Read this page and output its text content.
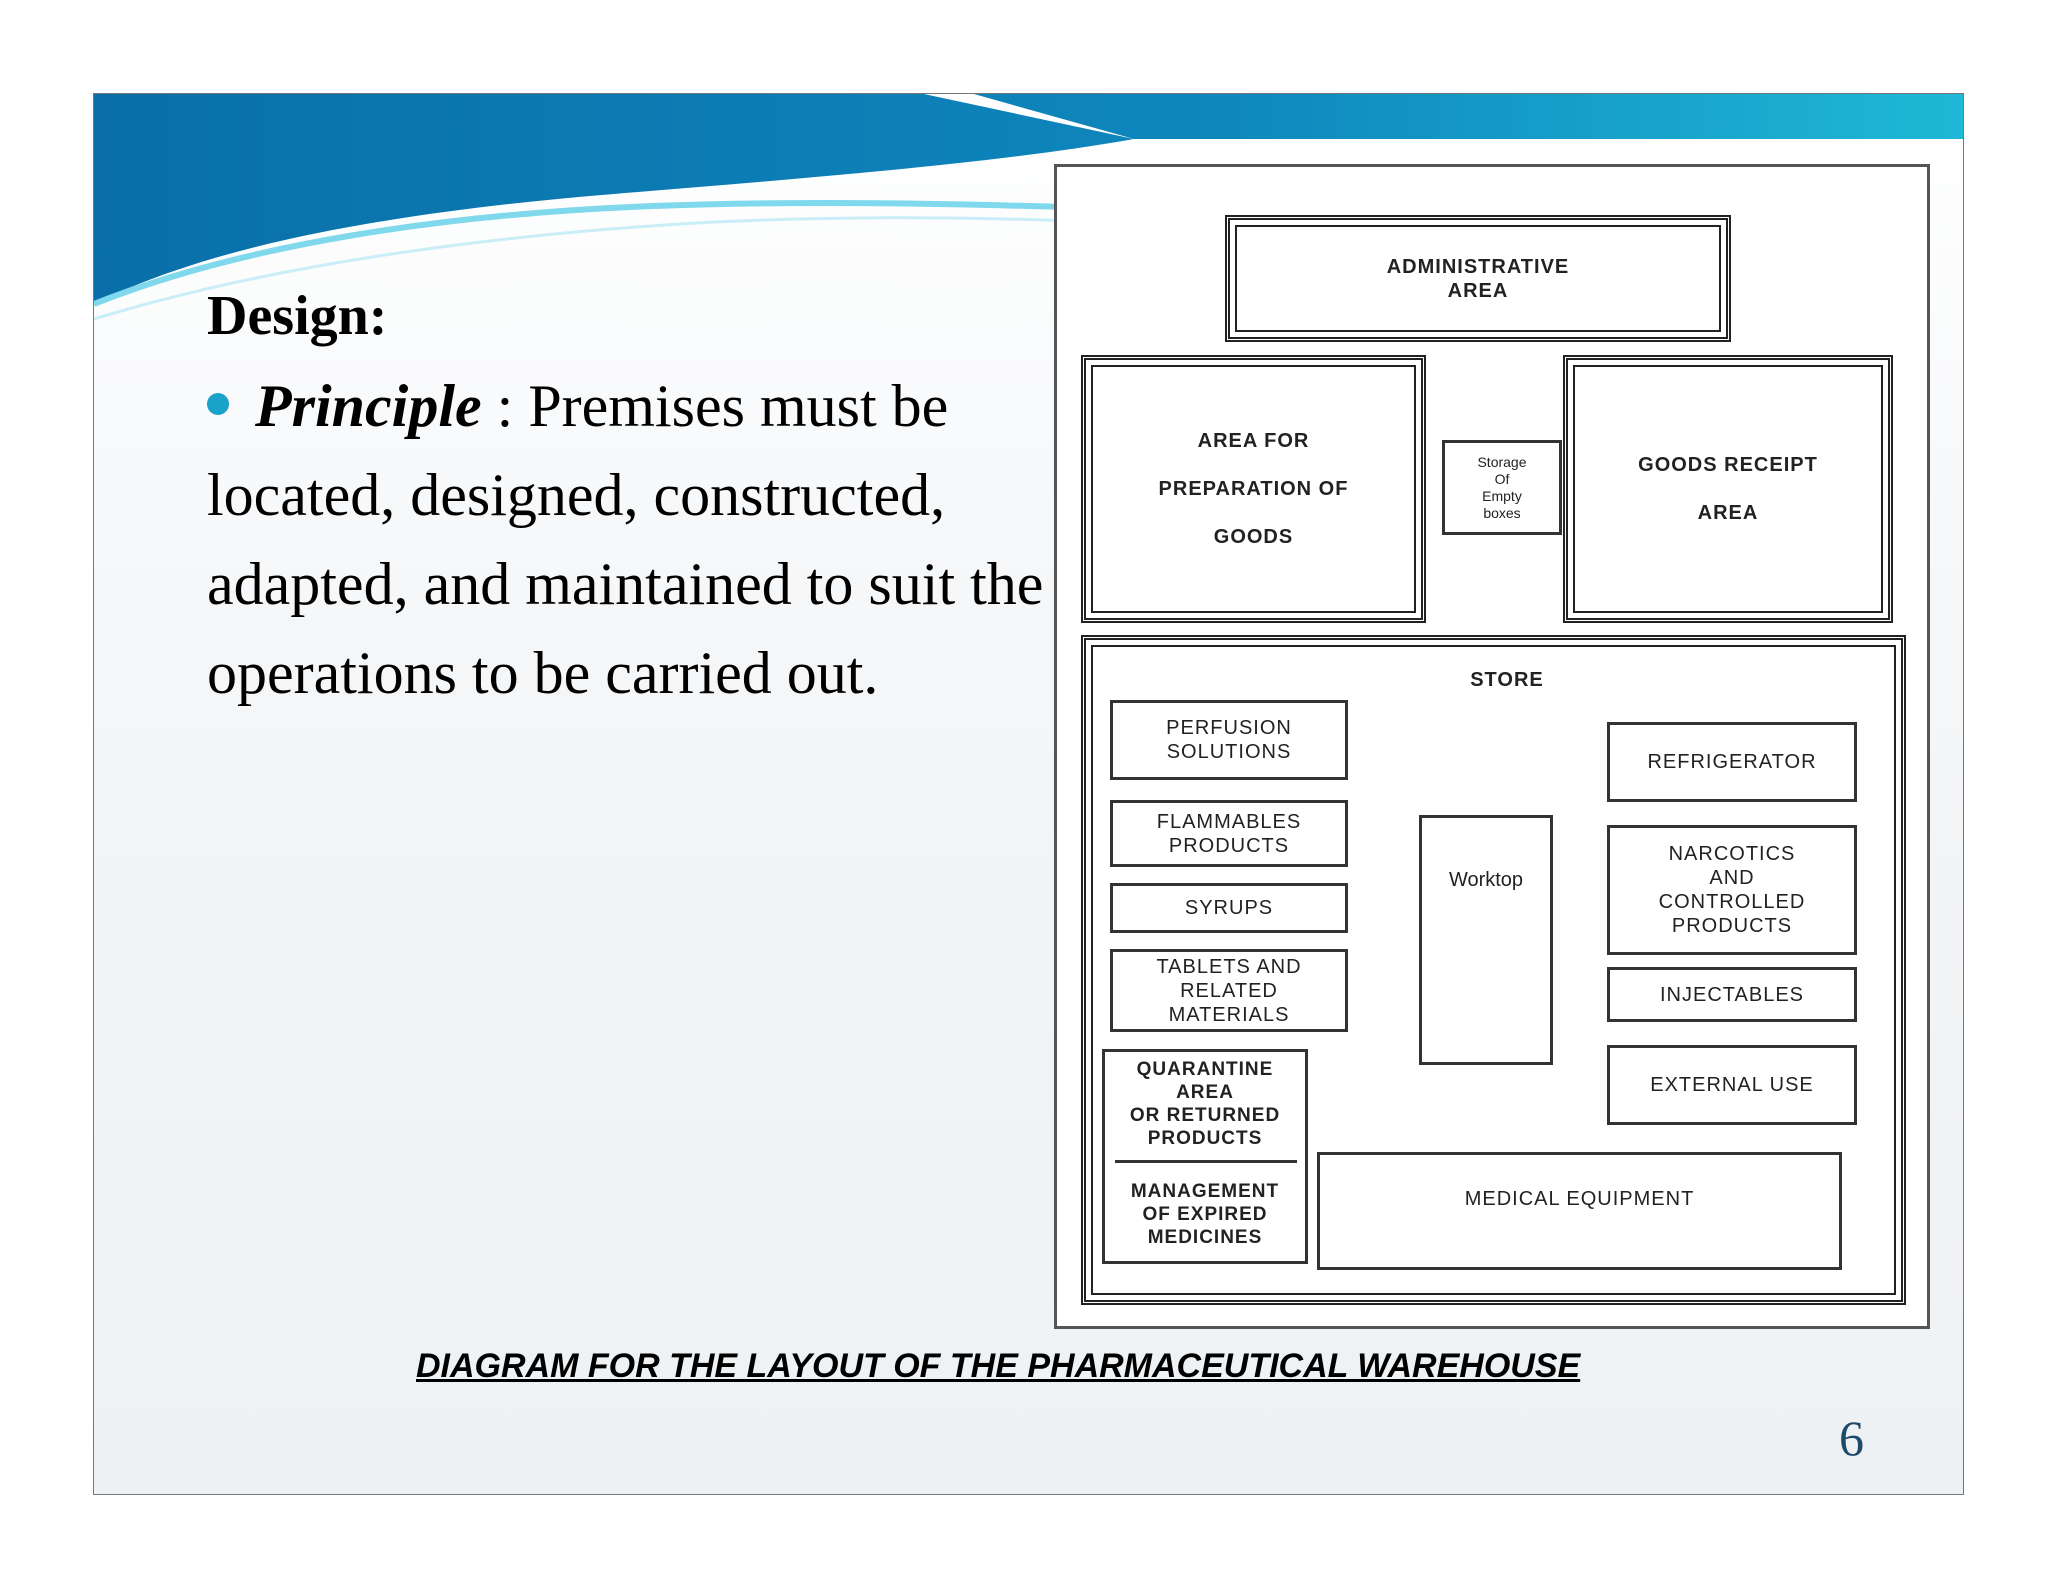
Design:
Principle : Premises must be located, designed, constructed, adapted, and maintained to suit the operations to be carried out.
ADMINISTRATIVE
AREA
AREA FOR

PREPARATION OF

GOODS
Storage
Of
Empty
boxes
GOODS RECEIPT

AREA
STORE
PERFUSION
SOLUTIONS
FLAMMABLES
PRODUCTS
SYRUPS
TABLETS AND
RELATED
MATERIALS
Worktop
REFRIGERATOR
NARCOTICS
AND
CONTROLLED
PRODUCTS
INJECTABLES
EXTERNAL USE
QUARANTINE
AREA
OR RETURNED
PRODUCTS
MANAGEMENT
OF EXPIRED
MEDICINES
MEDICAL EQUIPMENT
DIAGRAM FOR THE LAYOUT OF THE PHARMACEUTICAL WAREHOUSE
6
